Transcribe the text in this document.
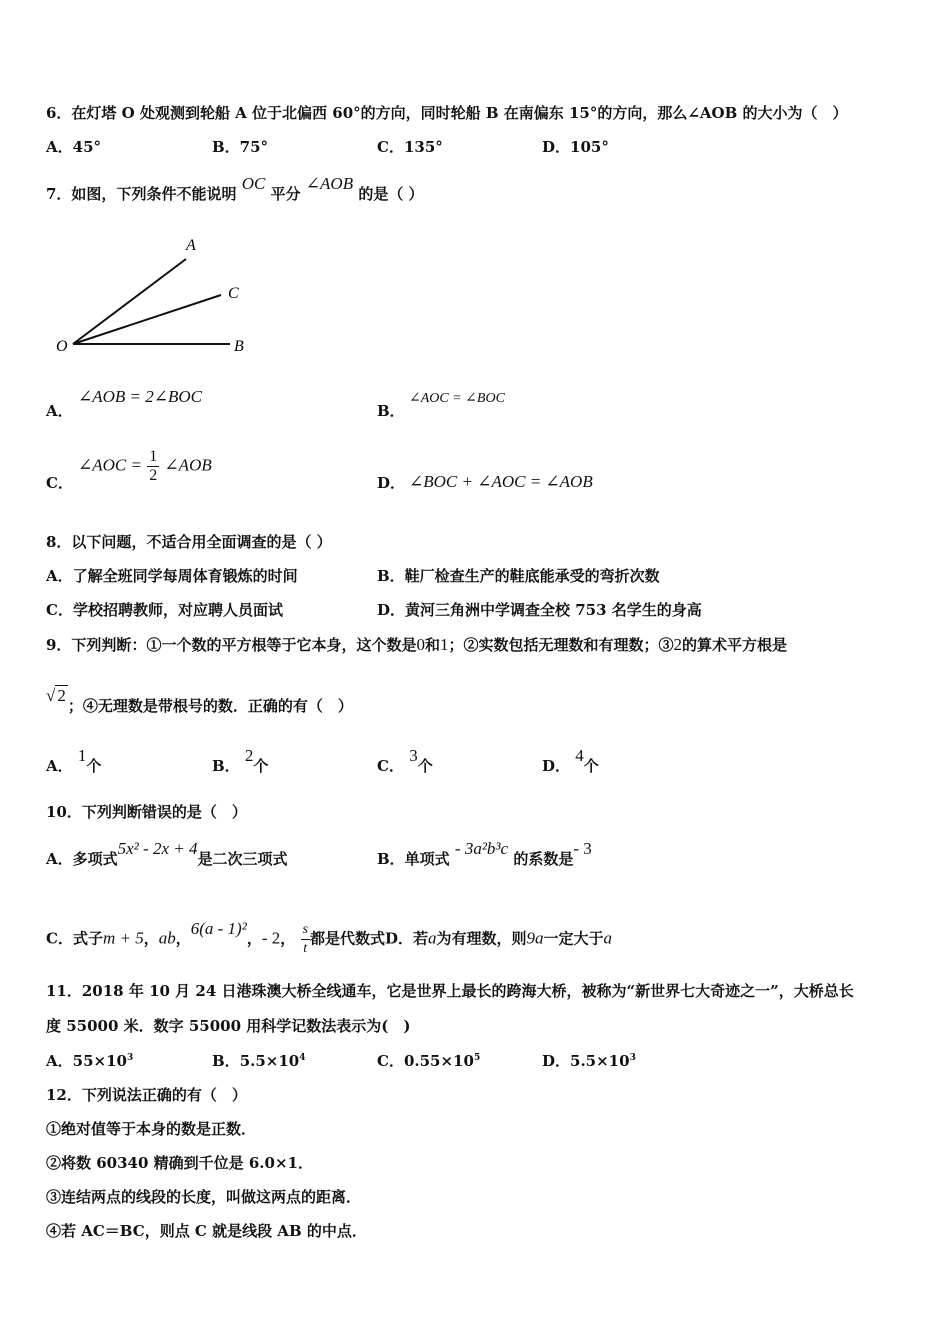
6．在灯塔 O 处观测到轮船 A 位于北偏西 60°的方向，同时轮船 B 在南偏东 15°的方向，那么∠AOB 的大小为（　）
A．45°	B．75°	C．135°	D．105°
7．如图，下列条件不能说明 OC 平分 ∠AOB 的是（ ）
A
C
O	B
A．
∠AOB = 2∠BOC
B．
∠AOC = ∠BOC
C．
∠AOC = $\frac{1}{2}$ ∠AOB
D． ∠BOC + ∠AOC = ∠AOB
8．以下问题，不适合用全面调查的是（ ）
A．了解全班同学每周体育锻炼的时间	B．鞋厂检查生产的鞋底能承受的弯折次数
C．学校招聘教师，对应聘人员面试	D．黄河三角洲中学调查全校 753 名学生的身高
9．下列判断：①一个数的平方根等于它本身，这个数是0和1；②实数包括无理数和有理数；③2的算术平方根是
√ 2；④无理数是带根号的数．正确的有（　）
A． 1个	B． 2个	C． 3个	D． 4个
10．下列判断错误的是（　）
A．多项式5x² - 2x + 4是二次三项式	B．单项式 - 3a²b³c 的系数是- 3
C．式子m + 5，ab，6(a - 1)²，- 2， $\frac{s}{t}$ 都是代数式D．若a为有理数，则9a一定大于a
11．2018 年 10 月 24 日港珠澳大桥全线通车，它是世界上最长的跨海大桥，被称为“新世界七大奇迹之一”，大桥总长
度 55000 米．数字 55000 用科学记数法表示为(　)
A．$55\times 10^3$	B．$5.5\times 10^4$	C．$0.55\times 10^5$	D．$5.5\times 10^3$
12．下列说法正确的有（　）
①绝对值等于本身的数是正数．
②将数 60340 精确到千位是 6.0×1．
③连结两点的线段的长度，叫做这两点的距离．
④若 AC＝BC，则点 C 就是线段 AB 的中点．
